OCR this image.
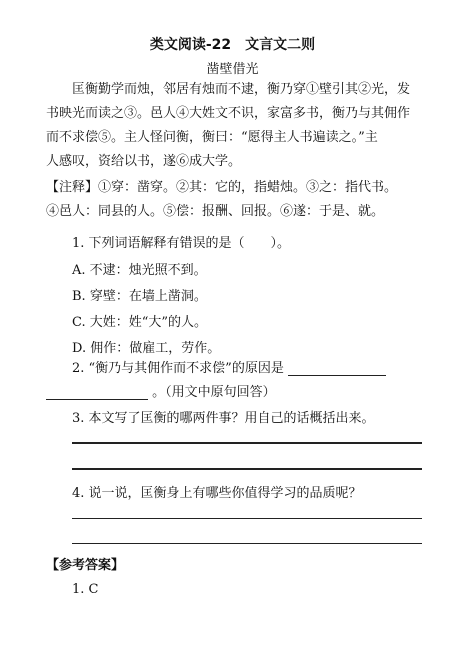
类文阅读-22　文言文二则
凿壁借光

匡衡勤学而烛，邻居有烛而不逮，衡乃穿①壁引其②光，发

书映光而读之③。邑人④大姓文不识，家富多书，衡乃与其佣作

而不求偿⑤。主人怪问衡，衡曰：“愿得主人书遍读之。”主

人感叹，资给以书，遂⑥成大学。

【注释】①穿：凿穿。②其：它的，指蜡烛。③之：指代书。
④邑人：同县的人。⑤偿：报酬、回报。⑥遂：于是、就。
1. 下列词语解释有错误的是（　　）。
A. 不逮：烛光照不到。
B. 穿壁：在墙上凿洞。
C. 大姓：姓“大”的人。
D. 佣作：做雇工，劳作。
2. “衡乃与其佣作而不求偿”的原因是
。（用文中原句回答）
3. 本文写了匡衡的哪两件事？用自己的话概括出来。
4. 说一说，匡衡身上有哪些你值得学习的品质呢？
【参考答案】
1. C
